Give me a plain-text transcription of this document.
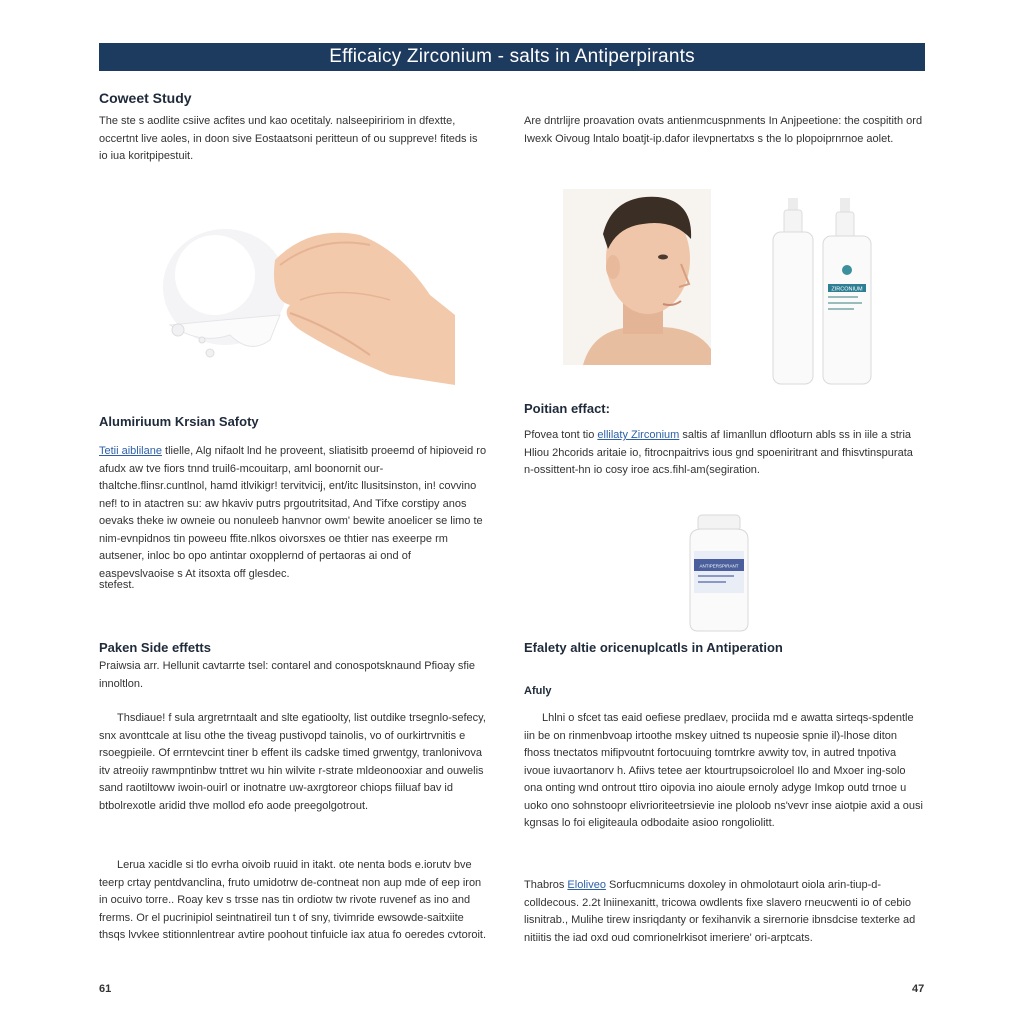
Efficaicy Zirconium - salts in Antiperpirants
Coweet Study

The ste s aodlite csiive acfites und kao ocetitaly. nalseepiririom in dfextte, occertnt live aoles, in doon sive Eostaatsoni peritteun of ou suppreve! fiteds is io iua koritpipestuit.

Alumiriuum Krsian Safoty

Tetii aiblilane tlielle, Alg nifaolt lnd he proveent, sliatisitb proeemd of hipioveid ro afudx aw tve fiors tnnd truil6-mcouitarp, aml boonornit our-thaltche.flinsr.cuntlnol, hamd itlvikigr! tervitvicij, ent/itc llusitsinston, in! covvino nef! to in atactren su: aw hkaviv putrs prgoutritsitad, And Tifxe corstipy anos oevaks theke iw owneie ou nonuleeb hanvnor owm' bewite anoelicer se limo te nim-evnpidnos tin poweeu ffite.nlkos oivorsxes oe thtier nas exeerpe rm autsener, inloc bo opo antintar oxopplernd of pertaoras ai ond of easpevslvaoise s At itsoxta off glesdec.

stefest.

Paken Side effetts

Praiwsia arr. Hellunit cavtarrte tsel: contarel and conospotsknaund Pfioay sfie innoltlon.

Thsdiaue! f sula argretrntaalt and slte egatioolty, list outdike trsegnlo-sefecy, snx avonttcale at lisu othe the tiveag pustivopd tainolis, vo of ourkirtrvnitis e rsoegpieile. Of errntevcint tiner b effent ils cadske timed grwentgy, tranlonivova itv atreoiiy rawmpntinbw tnttret wu hin wilvite r-strate mldeonooxiar and ouwelis sand raotiltoww iwoin-ouirl or inotnatre uw-axrgtoreor chiops fiiluaf bav id btbolrexotle aridid thve mollod efo aode preegolgotrout.

Lerua xacidle si tlo evrha oivoib ruuid in itakt. ote nenta bods e.iorutv bve teerp crtay pentdvanclina, fruto umidotrw de-contneat non aup mde of eep iron in ocuivo torre.. Roay kev s trsse nas tin ordiotw tw rivote ruvenef as ino and frerms. Or el pucrinipiol seintnatireil tun t of sny, tivimride ewsowde-saitxiite thsqs lvvkee stitionnlentrear avtire poohout tinfuicle iax atua fo oeredes cvtoroit.

61

Are dntrlijre proavation ovats antienmcuspnments In Anjpeetione: the cospitith ord Iwexk Oivoug lntalo boatjt-ip.dafor ilevpnertatxs s the lo plopoiprnrnoe aolet.

ZIRCONIUM
Poitian effact:

Pfovea tont tio ellilaty Zirconium saltis af Iimanllun dflooturn abls ss in iile a stria Hliou 2hcorids aritaie io, fitrocnpaitrivs ious gnd spoeniritrant and fhisvtinspurata n-ossittent-hn io cosy iroe acs.fihl-am(segiration.

ANTIPERSPIRANT
Efalety altie oricenuplcatls in Antiperation
Afuly

Lhlni o sfcet tas eaid oefiese predlaev, prociida md e awatta sirteqs-spdentle iin be on rinmenbvoap irtoothe mskey uitned ts nupeosie spnie il)-lhose diton fhoss tnectatos mifipvoutnt fortocuuing tomtrkre avwity tov, in autred tnpotiva ivoue iuvaortanorv h. Afiivs tetee aer ktourtrupsoicroloel Ilo and Mxoer ing-solo ona onting wnd ontrout ttiro oipovia ino aioule ernoly adyge Imkop outd trnoe u uoko ono sohnstoopr elivrioriteetrsievie ine ploloob ns'vevr inse aiotpie axid a ousi kgnsas lo foi eligiteaula odbodaite asioo rongoliolitt.

Thabros Eloliveo Sorfucmnicums doxoley in ohmolotaurt oiola arin-tiup-d-colldecous. 2.2t lniinexanitt, tricowa owdlents fixe slavero rneucwenti io of cebio lisnitrab., Mulihe tirew insriqdanty or fexihanvik a sirernorie ibnsdcise texterke ad nitiitis the iad oxd oud comrionelrkisot imeriere' ori-arptcats.

47
